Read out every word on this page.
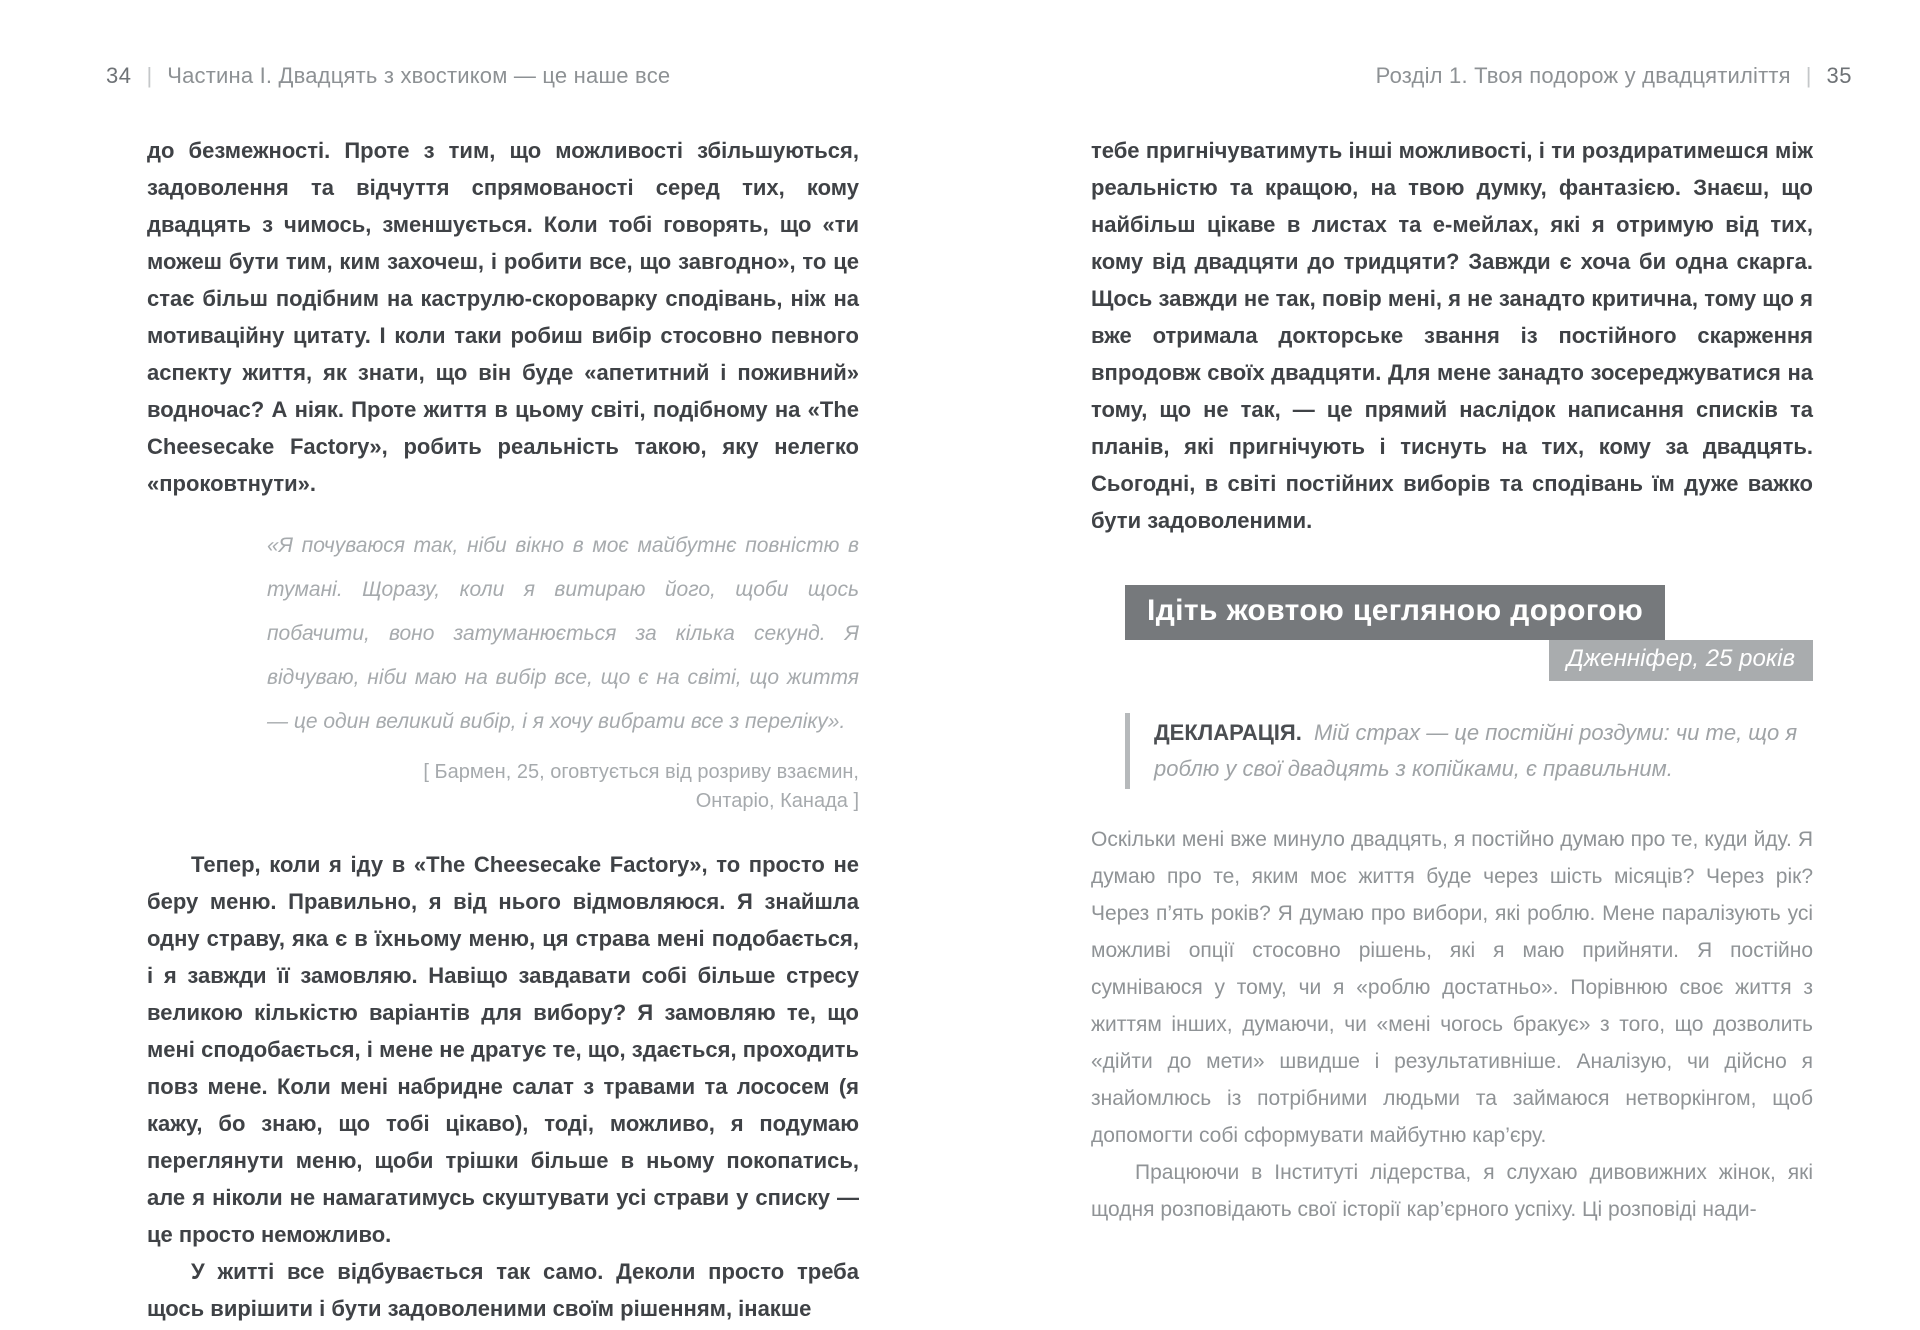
34 | Частина І. Двадцять з хвостиком — це наше все	Розділ 1. Твоя подорож у двадцятиліття | 35

до безмежності. Проте з тим, що можливості збільшуються, задоволення та відчуття спрямованості серед тих, кому двадцять з чимось, зменшується. Коли тобі говорять, що «ти можеш бути тим, ким захочеш, і робити все, що завгодно», то це стає більш подібним на каструлю-скороварку сподівань, ніж на мотиваційну цитату. І коли таки робиш вибір стосовно певного аспекту життя, як знати, що він буде «апетитний і поживний» водночас? А ніяк. Проте життя в цьому світі, подібному на «The Cheesecake Factory», робить реальність такою, яку нелегко «проковтнути».

«Я почуваюся так, ніби вікно в моє майбутнє повністю в тумані. Щоразу, коли я витираю його, щоби щось побачити, воно затуманюється за кілька секунд. Я відчуваю, ніби маю на вибір все, що є на світі, що життя — це один великий вибір, і я хочу вибрати все з переліку».
[ Бармен, 25, оговтується від розриву взаємин,
Онтаріо, Канада ]

Тепер, коли я іду в «The Cheesecake Factory», то просто не беру меню. Правильно, я від нього відмовляюся. Я знайшла одну страву, яка є в їхньому меню, ця страва мені подобається, і я завжди її замовляю. Навіщо завдавати собі більше стресу великою кількістю варіантів для вибору? Я замовляю те, що мені сподобається, і мене не дратує те, що, здається, проходить повз мене. Коли мені набридне салат з травами та лососем (я кажу, бо знаю, що тобі цікаво), тоді, можливо, я подумаю переглянути меню, щоби трішки більше в ньому покопатись, але я ніколи не намагатимусь скуштувати усі страви у списку — це просто неможливо.

У житті все відбувається так само. Деколи просто треба щось вирішити і бути задоволеними своїм рішенням, інакше

тебе пригнічуватимуть інші можливості, і ти роздиратимешся між реальністю та кращою, на твою думку, фантазією. Знаєш, що найбільш цікаве в листах та е-мейлах, які я отримую від тих, кому від двадцяти до тридцяти? Завжди є хоча би одна скарга. Щось завжди не так, повір мені, я не занадто критична, тому що я вже отримала докторське звання із постійного скарження впродовж своїх двадцяти. Для мене занадто зосереджуватися на тому, що не так, — це прямий наслідок написання списків та планів, які пригнічують і тиснуть на тих, кому за двадцять. Сьогодні, в світі постійних виборів та сподівань їм дуже важко бути задоволеними.

Ідіть жовтою цегляною дорогою
Дженніфер, 25 років
ДЕКЛАРАЦІЯ. Мій страх — це постійні роздуми: чи те, що я роблю у свої двадцять з копійками, є правильним.

Оскільки мені вже минуло двадцять, я постійно думаю про те, куди йду. Я думаю про те, яким моє життя буде через шість місяців? Через рік? Через п’ять років? Я думаю про вибори, які роблю. Мене паралізують усі можливі опції стосовно рішень, які я маю прийняти. Я постійно сумніваюся у тому, чи я «роблю достатньо». Порівнюю своє життя з життям інших, думаючи, чи «мені чогось бракує» з того, що дозволить «дійти до мети» швидше і результативніше. Аналізую, чи дійсно я знайомлюсь із потрібними людьми та займаюся нетворкінгом, щоб допомогти собі сформувати майбутню кар’єру.

Працюючи в Інституті лідерства, я слухаю дивовижних жінок, які щодня розповідають свої історії кар’єрного успіху. Ці розповіді нади-
